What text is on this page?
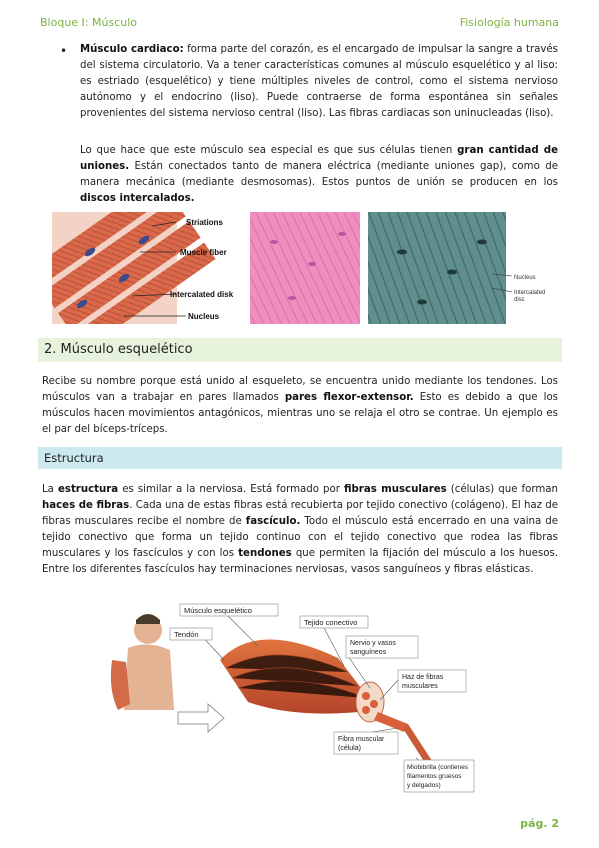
Bloque I: Músculo	Fisiología humana
• Músculo cardiaco: forma parte del corazón, es el encargado de impulsar la sangre a través del sistema circulatorio. Va a tener características comunes al músculo esquelético y al liso: es estriado (esquelético) y tiene múltiples niveles de control, como el sistema nervioso autónomo y el endocrino (liso). Puede contraerse de forma espontánea sin señales provenientes del sistema nervioso central (liso). Las fibras cardiacas son uninucleadas (liso).

Lo que hace que este músculo sea especial es que sus células tienen gran cantidad de uniones. Están conectados tanto de manera eléctrica (mediante uniones gap), como de manera mecánica (mediante desmosomas). Estos puntos de unión se producen en los discos intercalados.

Striations
Muscle fiber
Intercalated disk
Nucleus
Nucleus
Intercalated
disc
2. Músculo esquelético

Recibe su nombre porque está unido al esqueleto, se encuentra unido mediante los tendones. Los músculos van a trabajar en pares llamados pares flexor-extensor. Esto es debido a que los músculos hacen movimientos antagónicos, mientras uno se relaja el otro se contrae. Un ejemplo es el par del bíceps-tríceps.

Estructura

La estructura es similar a la nerviosa. Está formado por fibras musculares (células) que forman haces de fibras. Cada una de estas fibras está recubierta por tejido conectivo (colágeno). El haz de fibras musculares recibe el nombre de fascículo. Todo el músculo está encerrado en una vaina de tejido conectivo que forma un tejido continuo con el tejido conectivo que rodea las fibras musculares y los fascículos y con los tendones que permiten la fijación del músculo a los huesos. Entre los diferentes fascículos hay terminaciones nerviosas, vasos sanguíneos y fibras elásticas.

Músculo esquelético
Tendón
Tejido conectivo
Nervio y vasos
sanguíneos
Haz de fibras
musculares
Fibra muscular
(célula)
Miobibrilla (contienes
filamentos gruesos
y delgados)
pág. 2
